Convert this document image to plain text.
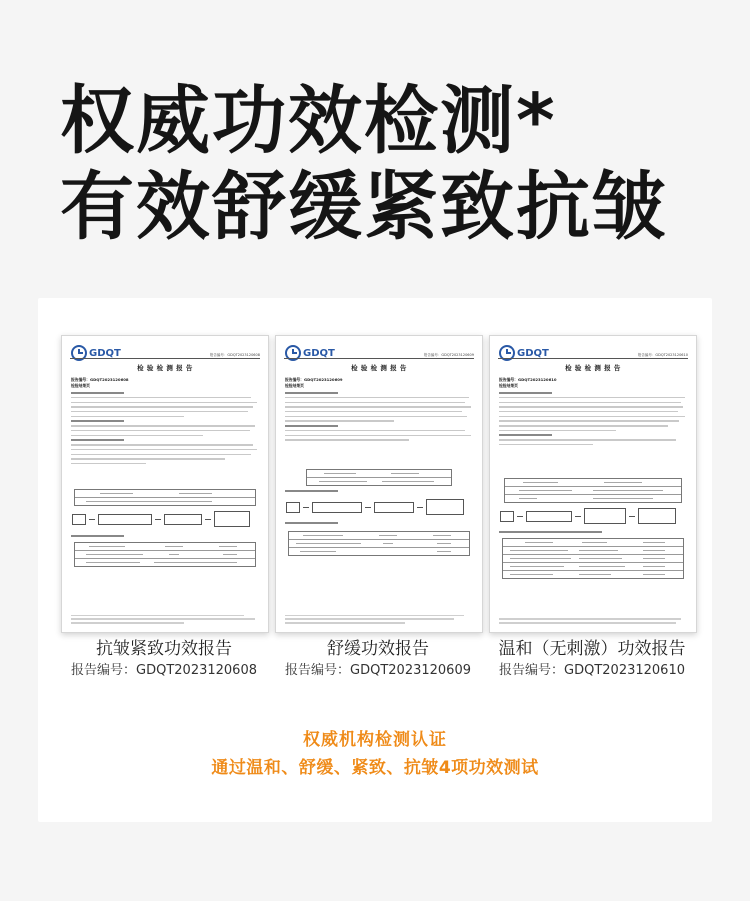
权威功效检测*
有效舒缓紧致抗皱
GDQT	报告编号：GDQT2023120608
检 验 检 测 报 告
报告编号：GDQT2023120608
检验结果页
GDQT	报告编号：GDQT2023120609
检 验 检 测 报 告
报告编号：GDQT2023120609
检验结果页
GDQT	报告编号：GDQT2023120610
检 验 检 测 报 告
报告编号：GDQT2023120610
检验结果页
抗皱紧致功效报告
报告编号：GDQT2023120608
舒缓功效报告
报告编号：GDQT2023120609
温和（无刺激）功效报告
报告编号：GDQT2023120610
权威机构检测认证
通过温和、舒缓、紧致、抗皱4项功效测试
